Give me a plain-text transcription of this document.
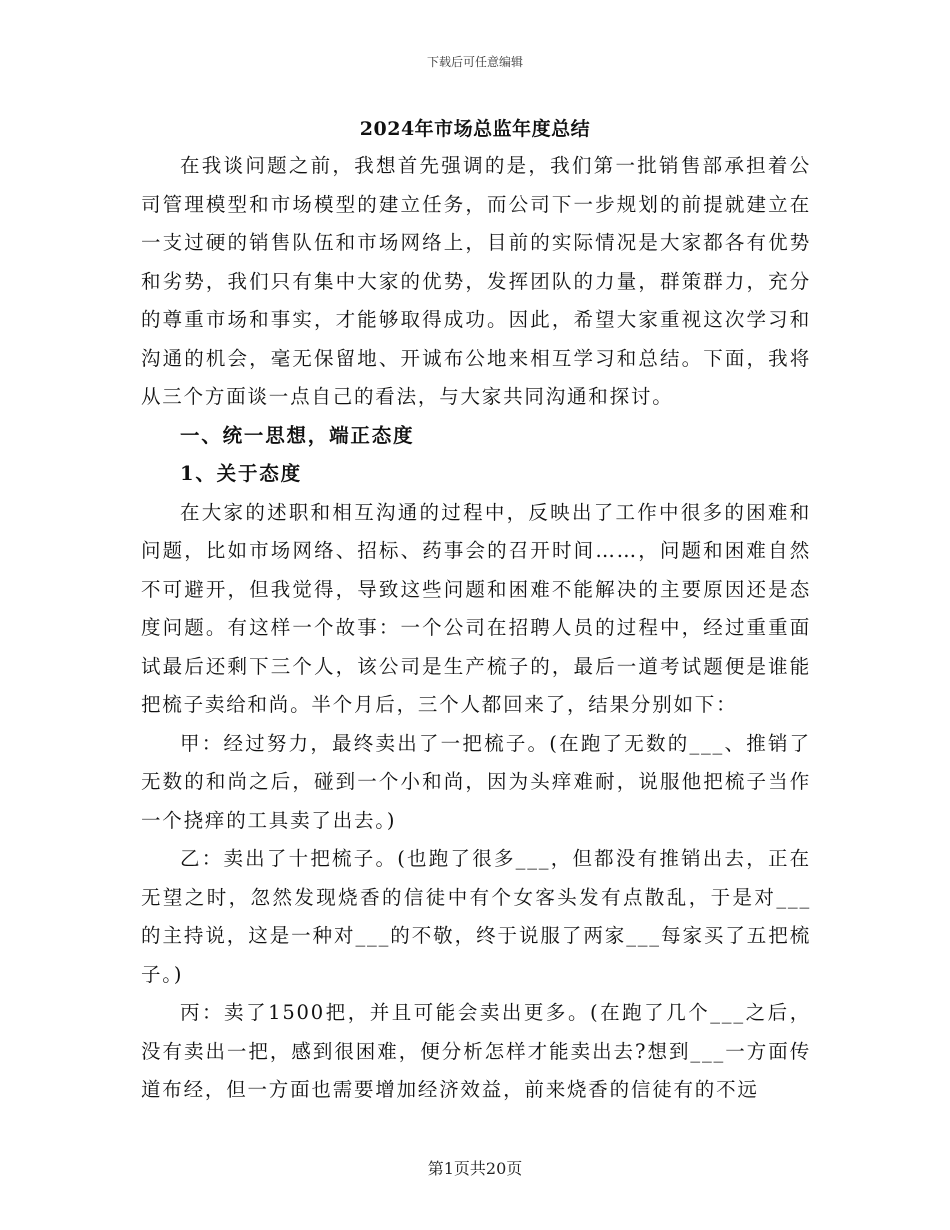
下载后可任意编辑
2024年市场总监年度总结

在我谈问题之前，我想首先强调的是，我们第一批销售部承担着公司管理模型和市场模型的建立任务，而公司下一步规划的前提就建立在一支过硬的销售队伍和市场网络上，目前的实际情况是大家都各有优势和劣势，我们只有集中大家的优势，发挥团队的力量，群策群力，充分的尊重市场和事实，才能够取得成功。因此，希望大家重视这次学习和沟通的机会，毫无保留地、开诚布公地来相互学习和总结。下面，我将从三个方面谈一点自己的看法，与大家共同沟通和探讨。

一、统一思想，端正态度

1、关于态度

在大家的述职和相互沟通的过程中，反映出了工作中很多的困难和问题，比如市场网络、招标、药事会的召开时间……，问题和困难自然不可避开，但我觉得，导致这些问题和困难不能解决的主要原因还是态度问题。有这样一个故事：一个公司在招聘人员的过程中，经过重重面试最后还剩下三个人，该公司是生产梳子的，最后一道考试题便是谁能把梳子卖给和尚。半个月后，三个人都回来了，结果分别如下：

甲：经过努力，最终卖出了一把梳子。(在跑了无数的___、推销了无数的和尚之后，碰到一个小和尚，因为头痒难耐，说服他把梳子当作一个挠痒的工具卖了出去。)

乙：卖出了十把梳子。(也跑了很多___，但都没有推销出去，正在无望之时，忽然发现烧香的信徒中有个女客头发有点散乱，于是对___的主持说，这是一种对___的不敬，终于说服了两家___每家买了五把梳子。)

丙：卖了1500把，并且可能会卖出更多。(在跑了几个___之后，没有卖出一把，感到很困难，便分析怎样才能卖出去?想到___一方面传道布经，但一方面也需要增加经济效益，前来烧香的信徒有的不远

第1页共20页
